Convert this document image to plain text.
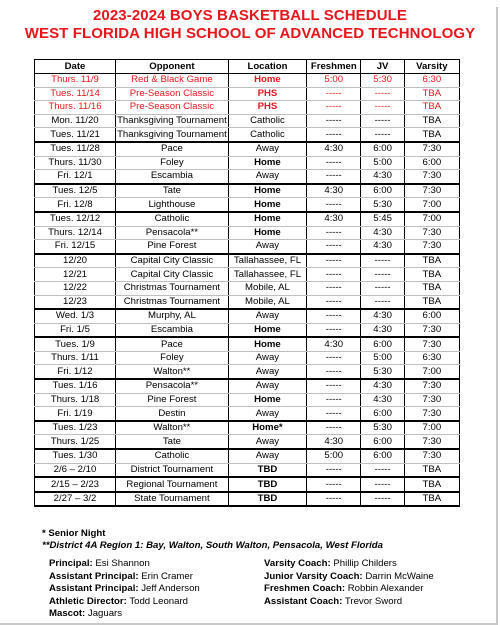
2023-2024 BOYS BASKETBALL SCHEDULE
WEST FLORIDA HIGH SCHOOL OF ADVANCED TECHNOLOGY
Date	Opponent	Location	Freshmen	JV	Varsity
Thurs. 11/9	Red & Black Game	Home	5:00	5:30	6:30
Tues. 11/14	Pre-Season Classic	PHS	-----	-----	TBA
Thurs. 11/16	Pre-Season Classic	PHS	-----	-----	TBA
Mon. 11/20	Thanksgiving Tournament	Catholic	-----	-----	TBA
Tues. 11/21	Thanksgiving Tournament	Catholic	-----	-----	TBA
Tues. 11/28	Pace	Away	4:30	6:00	7:30
Thurs. 11/30	Foley	Home	-----	5:00	6:00
Fri. 12/1	Escambia	Away	-----	4:30	7:30
Tues. 12/5	Tate	Home	4:30	6:00	7:30
Fri. 12/8	Lighthouse	Home	-----	5:30	7:00
Tues. 12/12	Catholic	Home	4:30	5:45	7:00
Thurs. 12/14	Pensacola**	Home	-----	4:30	7:30
Fri. 12/15	Pine Forest	Away	-----	4:30	7:30
12/20	Capital City Classic	Tallahassee, FL	-----	-----	TBA
12/21	Capital City Classic	Tallahassee, FL	-----	-----	TBA
12/22	Christmas Tournament	Mobile, AL	-----	-----	TBA
12/23	Christmas Tournament	Mobile, AL	-----	-----	TBA
Wed. 1/3	Murphy, AL	Away	-----	4:30	6:00
Fri. 1/5	Escambia	Home	-----	4:30	7:30
Tues. 1/9	Pace	Home	4:30	6:00	7:30
Thurs. 1/11	Foley	Away	-----	5:00	6:30
Fri. 1/12	Walton**	Away	-----	5:30	7:00
Tues. 1/16	Pensacola**	Away	-----	4:30	7:30
Thurs. 1/18	Pine Forest	Home	-----	4:30	7:30
Fri. 1/19	Destin	Away	-----	6:00	7:30
Tues. 1/23	Walton**	Home*	-----	5:30	7:00
Thurs. 1/25	Tate	Away	4:30	6:00	7:30
Tues. 1/30	Catholic	Away	5:00	6:00	7:30
2/6 – 2/10	District Tournament	TBD	-----	-----	TBA
2/15 – 2/23	Regional Tournament	TBD	-----	-----	TBA
2/27 – 3/2	State Tournament	TBD	-----	-----	TBA
* Senior Night
**District 4A Region 1: Bay, Walton, South Walton, Pensacola, West Florida
Principal: Esi Shannon
Assistant Principal: Erin Cramer
Assistant Principal: Jeff Anderson
Athletic Director: Todd Leonard
Mascot: Jaguars
Varsity Coach: Phillip Childers
Junior Varsity Coach: Darrin McWaine
Freshmen Coach: Robbin Alexander
Assistant Coach: Trevor Sword
